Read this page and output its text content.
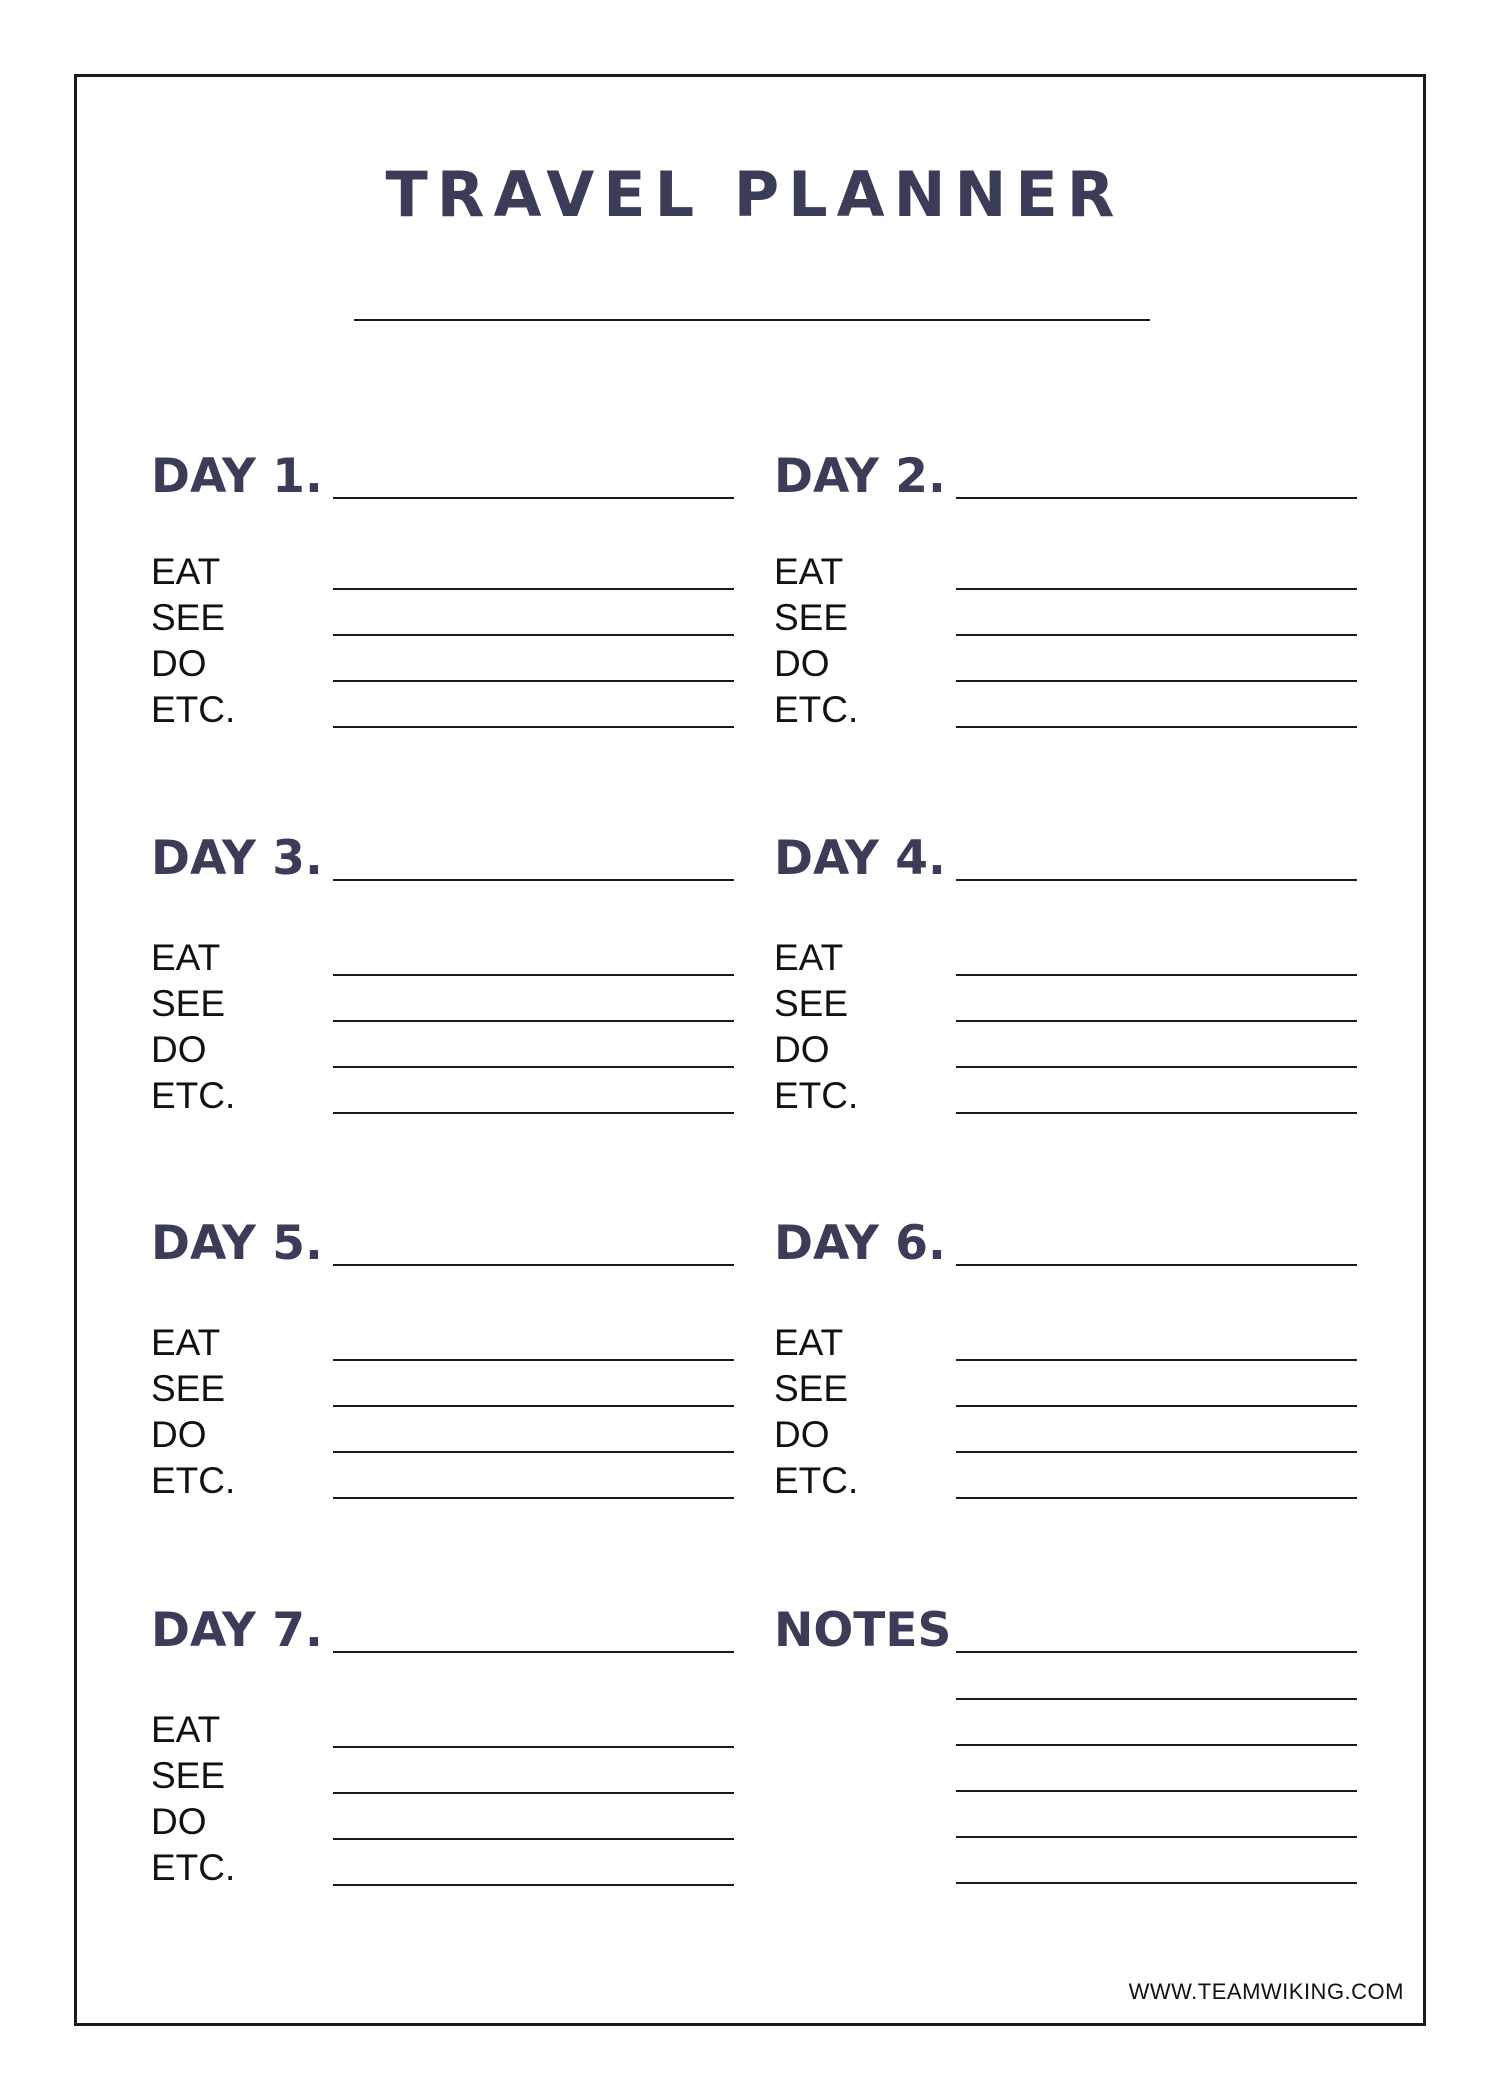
TRAVEL PLANNER
DAY 1.
EAT
SEE
DO
ETC.
DAY 2.
EAT
SEE
DO
ETC.
DAY 3.
EAT
SEE
DO
ETC.
DAY 4.
EAT
SEE
DO
ETC.
DAY 5.
EAT
SEE
DO
ETC.
DAY 6.
EAT
SEE
DO
ETC.
DAY 7.
EAT
SEE
DO
ETC.
NOTES
WWW.TEAMWIKING.COM
